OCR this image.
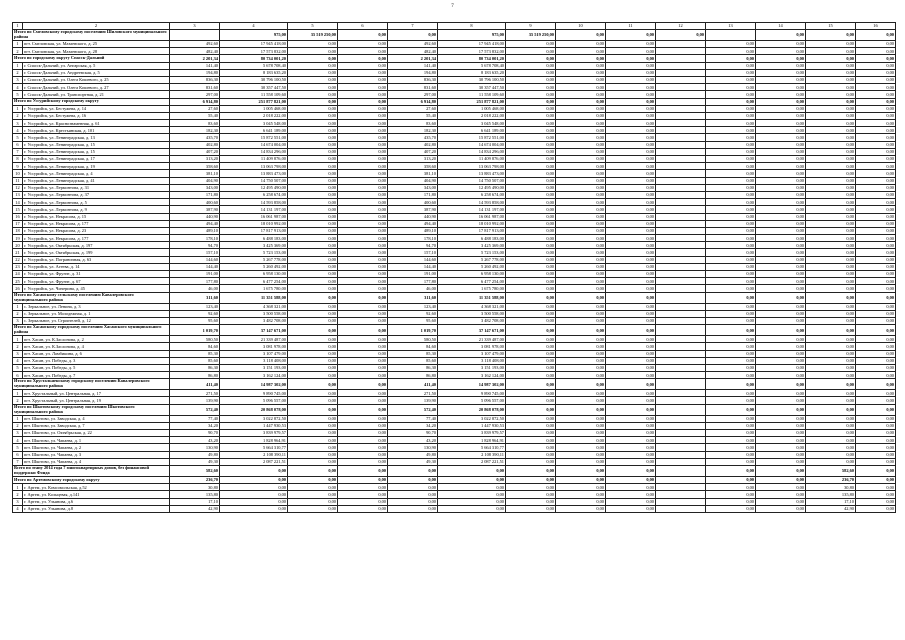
7
1	2	3	4	5	6	7	8	9	10	11	12	13	14	15	16	
Итого по Смеловскому городскому поселению Шиловского муниципального района			975,00	35 519 250,00	0,00	0,00	975,00	35 519 250,00	0,00	0,00	0,00		0,00	0,00	0,00	
1	пгт. Смеловская, ул. Мазаевского, д. 25	492,60	17 945 418,00	0,00	0,00	492,60	17 945 418,00	0,00	0,00	0,00		0,00	0,00	0,00	0,00	
2	пгт. Смеловская, ул. Мазаевского, д. 28	482,40	17 573 832,00	0,00	0,00	482,40	17 573 832,00	0,00	0,00	0,00		0,00	0,00	0,00	0,00	
Итого по городскому округу Спасск-Дальний		2 201,34	80 734 001,20	0,00	0,00	2 201,34	80 734 001,20	0,00	0,00	0,00		0,00	0,00	0,00	0,00	
1	г. Спасск-Дальний, ул. Ангарская, д. 5	141,40	5 678 708,40	0,00	0,00	141,40	5 678 708,40	0,00	0,00	0,00		0,00	0,00	0,00	0,00	
2	г. Спасск-Дальний, ул. Андреевская, д. 5	194,80	8 183 635,20	0,00	0,00	194,80	8 183 635,20	0,00	0,00	0,00		0,00	0,00	0,00	0,00	
3	г. Спасск-Дальний, ул. Олега Кошевого, д. 25	836,30	30 796 100,50	0,00	0,00	836,30	30 796 100,50	0,00	0,00	0,00		0,00	0,00	0,00	0,00	
4	г. Спасск-Дальний, ул. Олега Кошевого, д. 27	831,60	30 357 447,50	0,00	0,00	831,60	30 357 447,50	0,00	0,00	0,00		0,00	0,00	0,00	0,00	
5	г. Спасск-Дальний, ул. Транспортная, д. 21	297,00	11 558 109,60	0,00	0,00	297,00	11 558 109,60	0,00	0,00	0,00		0,00	0,00	0,00	0,00	
Итого по Уссурийскому городскому округу		6 914,80	251 877 821,00	0,00	0,00	6 914,80	251 877 821,00	0,00	0,00	0,00		0,00	0,00	0,00	0,00	
1	г. Уссурийск, ул. Бестужева, д. 14	27,60	1 005 468,00	0,00	0,00	27,60	1 005 468,00	0,00	0,00	0,00		0,00	0,00	0,00	0,00	
2	г. Уссурийск, ул. Бестужева, д. 16	55,40	2 018 222,00	0,00	0,00	55,40	2 018 222,00	0,00	0,00	0,00		0,00	0,00	0,00	0,00	
3	г. Уссурийск, ул. Краснознаменная, д. 61	83,60	3 045 548,00	0,00	0,00	83,60	3 045 548,00	0,00	0,00	0,00		0,00	0,00	0,00	0,00	
4	г. Уссурийск, ул. Крестьянская, д. 101	182,30	6 641 189,00	0,00	0,00	182,30	6 641 189,00	0,00	0,00	0,00		0,00	0,00	0,00	0,00	
5	г. Уссурийск, ул. Ленинградская, д. 13	435,70	15 872 551,00	0,00	0,00	435,70	15 872 551,00	0,00	0,00	0,00		0,00	0,00	0,00	0,00	
6	г. Уссурийск, ул. Ленинградская, д. 15	402,80	14 674 004,00	0,00	0,00	402,80	14 674 004,00	0,00	0,00	0,00		0,00	0,00	0,00	0,00	
7	г. Уссурийск, ул. Ленинградская, д. 15	407,20	14 834 296,00	0,00	0,00	407,20	14 834 296,00	0,00	0,00	0,00		0,00	0,00	0,00	0,00	
8	г. Уссурийск, ул. Ленинградская, д. 17	313,20	11 409 876,00	0,00	0,00	313,20	11 409 876,00	0,00	0,00	0,00		0,00	0,00	0,00	0,00	
9	г. Уссурийск, ул. Ленинградская, д. 19	358,60	13 063 798,00	0,00	0,00	358,60	13 063 798,00	0,00	0,00	0,00		0,00	0,00	0,00	0,00	
10	г. Уссурийск, ул. Ленинградская, д. 4	381,10	13 883 473,00	0,00	0,00	381,10	13 883 473,00	0,00	0,00	0,00		0,00	0,00	0,00	0,00	
11	г. Уссурийск, ул. Ленинградская, д. 41	404,90	14 750 507,00	0,00	0,00	404,90	14 750 507,00	0,00	0,00	0,00		0,00	0,00	0,00	0,00	
12	г. Уссурийск, ул. Лермонтова, д. 31	343,00	12 495 490,00	0,00	0,00	343,00	12 495 490,00	0,00	0,00	0,00		0,00	0,00	0,00	0,00	
13	г. Уссурийск, ул. Лермонтова, д. 37	171,80	6 258 674,00	0,00	0,00	171,80	6 258 674,00	0,00	0,00	0,00		0,00	0,00	0,00	0,00	
14	г. Уссурийск, ул. Лермонтова, д. 5	400,60	14 593 858,00	0,00	0,00	400,60	14 593 858,00	0,00	0,00	0,00		0,00	0,00	0,00	0,00	
15	г. Уссурийск, ул. Лермонтова, д. 9	387,90	14 131 197,00	0,00	0,00	387,90	14 131 197,00	0,00	0,00	0,00		0,00	0,00	0,00	0,00	
16	г. Уссурийск, ул. Некрасова, д. 15	440,90	16 061 987,00	0,00	0,00	440,90	16 061 987,00	0,00	0,00	0,00		0,00	0,00	0,00	0,00	
17	г. Уссурийск, ул. Некрасова, д. 177	494,40	18 010 992,00	0,00	0,00	494,40	18 010 992,00	0,00	0,00	0,00		0,00	0,00	0,00	0,00	
18	г. Уссурийск, ул. Некрасова, д. 23	489,10	17 817 913,00	0,00	0,00	489,10	17 817 913,00	0,00	0,00	0,00		0,00	0,00	0,00	0,00	
19	г. Уссурийск, ул. Некрасова, д. 177	178,10	6 488 183,00	0,00	0,00	178,10	6 488 183,00	0,00	0,00	0,00		0,00	0,00	0,00	0,00	
20	г. Уссурийск, ул. Октябрьская, д. 197	94,70	3 425 369,00	0,00	0,00	94,70	3 425 369,00	0,00	0,00	0,00		0,00	0,00	0,00	0,00	
21	г. Уссурийск, ул. Октябрьская, д. 199	157,10	5 723 153,00	0,00	0,00	157,10	5 723 153,00	0,00	0,00	0,00		0,00	0,00	0,00	0,00	
22	г. Уссурийск, ул. Пограничная, д. 63	144,60	5 267 778,00	0,00	0,00	144,60	5 267 778,00	0,00	0,00	0,00		0,00	0,00	0,00	0,00	
23	г. Уссурийск, ул. Агеева, д. 14	144,40	5 260 492,00	0,00	0,00	144,40	5 260 492,00	0,00	0,00	0,00		0,00	0,00	0,00	0,00	
24	г. Уссурийск, ул. Фрунзе, д. 31	191,00	6 958 130,00	0,00	0,00	191,00	6 958 130,00	0,00	0,00	0,00		0,00	0,00	0,00	0,00	
25	г. Уссурийск, ул. Фрунзе, д. 67	177,80	6 477 254,00	0,00	0,00	177,80	6 477 254,00	0,00	0,00	0,00		0,00	0,00	0,00	0,00	
26	г. Уссурийск, ул. Чичерина, д. 45	46,00	1 675 780,00	0,00	0,00	46,00	1 675 780,00	0,00	0,00	0,00		0,00	0,00	0,00	0,00	
Итого по Хасанскому сельскому поселению Кавалеровского муниципального района		311,60	11 351 588,00	0,00	0,00	311,60	11 351 588,00	0,00	0,00	0,00		0,00	0,00	0,00	0,00	
1	с. Зеркальное, ул. Ленина, д. 3	123,40	4 368 321,00	0,00	0,00	123,40	4 368 321,00	0,00	0,00	0,00		0,00	0,00	0,00	0,00	
2	с. Зеркальное, ул. Молодежная, д. 1	92,60	3 500 558,00	0,00	0,00	92,60	3 500 558,00	0,00	0,00	0,00		0,00	0,00	0,00	0,00	
3	с. Зеркальное, ул. Строителей, д. 12	95,60	3 482 708,00	0,00	0,00	95,60	3 482 708,00	0,00	0,00	0,00		0,00	0,00	0,00	0,00	
Итого по Хасанскому городскому поселению Хасанского муниципального района		1 019,70	37 147 671,00	0,00	0,00	1 019,70	37 147 671,00	0,00	0,00	0,00		0,00	0,00	0,00	0,00	
1	пгт. Хасан, ул. К.Заслонова, д. 2	580,50	21 339 487,00	0,00	0,00	580,50	21 339 487,00	0,00	0,00	0,00		0,00	0,00	0,00	0,00	
2	пгт. Хасан, ул. К.Заслонова, д. 4	84,60	3 081 978,00	0,00	0,00	84,60	3 081 978,00	0,00	0,00	0,00		0,00	0,00	0,00	0,00	
3	пгт. Хасан, ул. Ламбикина, д. 6	85,30	3 107 479,00	0,00	0,00	85,30	3 107 479,00	0,00	0,00	0,00		0,00	0,00	0,00	0,00	
4	пгт. Хасан, ул. Победы, д. 3	85,60	3 118 408,00	0,00	0,00	85,60	3 118 408,00	0,00	0,00	0,00		0,00	0,00	0,00	0,00	
5	пгт. Хасан, ул. Победы, д. 5	86,30	3 151 193,00	0,00	0,00	86,30	3 151 193,00	0,00	0,00	0,00		0,00	0,00	0,00	0,00	
6	пгт. Хасан, ул. Победы, д. 7	86,80	3 162 124,00	0,00	0,00	86,80	3 162 124,00	0,00	0,00	0,00		0,00	0,00	0,00	0,00	
Итого по Хрустальненскому городскому поселению Кавалеровского муниципального района		411,40	14 987 302,00	0,00	0,00	411,40	14 987 302,00	0,00	0,00	0,00		0,00	0,00	0,00	0,00	
1	пгт. Хрустальный, ул. Центральная, д. 17	271,50	9 890 745,00	0,00	0,00	271,50	9 890 745,00	0,00	0,00	0,00		0,00	0,00	0,00	0,00	
2	пгт. Хрустальный, ул. Центральная, д. 19	139,90	5 096 557,00	0,00	0,00	139,90	5 096 557,00	0,00	0,00	0,00		0,00	0,00	0,00	0,00	
Итого по Шкотовскому городскому поселению Шкотовского муниципального района		572,40	20 868 078,00	0,00	0,00	572,40	20 868 078,00	0,00	0,00	0,00		0,00	0,00	0,00	0,00	
1	пгт. Шкотово, ул. Заводская, д. 4	77,40	3 022 872,50	0,00	0,00	77,40	3 022 872,50	0,00	0,00	0,00		0,00	0,00	0,00	0,00	
2	пгт. Шкотово, ул. Заводская, д. 7	34,20	1 447 930,53	0,00	0,00	34,20	1 447 930,53	0,00	0,00	0,00		0,00	0,00	0,00	0,00	
3	пгт. Шкотово, ул. Октябрьская, д. 22	90,70	3 839 979,57	0,00	0,00	90,70	3 839 979,57	0,00	0,00	0,00		0,00	0,00	0,00	0,00	
4	пгт. Шкотово, ул. Чапаева, д. 1	43,20	1 828 964,91	0,00	0,00	43,20	1 828 964,91	0,00	0,00	0,00		0,00	0,00	0,00	0,00	
5	пгт. Шкотово, ул. Чапаева, д. 2	130,90	5 664 310,77	0,00	0,00	130,90	5 664 310,77	0,00	0,00	0,00		0,00	0,00	0,00	0,00	
6	пгт. Шкотово, ул. Чапаева, д. 3	49,80	2 108 390,11	0,00	0,00	49,80	2 108 390,11	0,00	0,00	0,00		0,00	0,00	0,00	0,00	
7	пгт. Шкотово, ул. Чапаева, д. 4	49,30	2 087 221,51	0,00	0,00	49,30	2 087 221,51	0,00	0,00	0,00		0,00	0,00	0,00	0,00	
Всего по этапу 2014 года 7 многоквартирных домов, без финансовой поддержки Фонда		582,60	0,00	0,00	0,00	0,00	0,00	0,00	0,00	0,00		0,00	0,00	582,60	0,00	
Итого по Артемовскому городскому округу		236,70	0,00	0,00	0,00	0,00	0,00	0,00	0,00	0,00		0,00	0,00	236,70	0,00	
1	г. Артем, ул. Комсомольская, д.52	30,80	0,00	0,00	0,00	0,00	0,00	0,00	0,00	0,00		0,00	0,00	30,80	0,00	
2	г. Артем, ул. Кольцевая, д.141	135,80	0,00	0,00	0,00	0,00	0,00	0,00	0,00	0,00		0,00	0,00	135,80	0,00	
3	г. Артем, ул. Ульянова, д.6	17,10	0,00	0,00	0,00	0,00	0,00	0,00	0,00	0,00		0,00	0,00	17,10	0,00	
4	г. Артем, ул. Ульянова, д.8	42,90	0,00	0,00	0,00	0,00	0,00	0,00	0,00	0,00		0,00	0,00	42,90	0,00	
